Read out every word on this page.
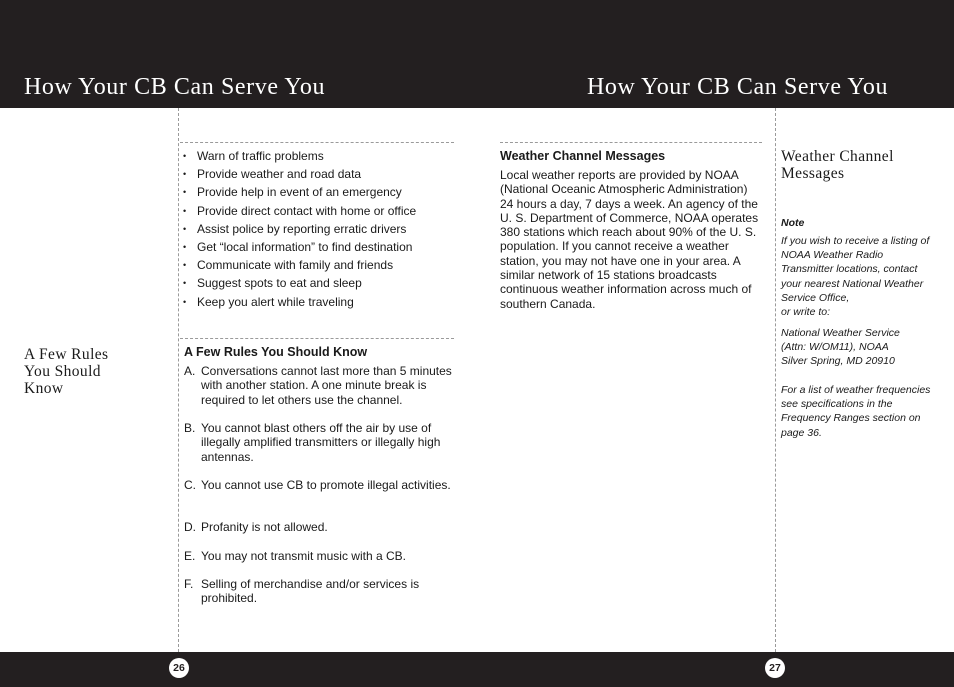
How Your CB Can Serve You	How Your CB Can Serve You
A Few Rules
You Should
Know
• Warn of traffic problems
• Provide weather and road data
• Provide help in event of an emergency
• Provide direct contact with home or office
• Assist police by reporting erratic drivers
• Get “local information” to find destination
• Communicate with family and friends
• Suggest spots to eat and sleep
• Keep you alert while traveling
A Few Rules You Should Know
A. Conversations cannot last more than 5 minutes with another station. A one minute break is required to let others use the channel.
B. You cannot blast others off the air by use of illegally amplified transmitters or illegally high antennas.
C. You cannot use CB to promote illegal activities.
D. Profanity is not allowed.
E. You may not transmit music with a CB.
F. Selling of merchandise and/or services is prohibited.
Weather Channel Messages

Local weather reports are provided by NOAA (National Oceanic Atmospheric Administration) 24 hours a day, 7 days a week. An agency of the U. S. Department of Commerce, NOAA operates 380 stations which reach about 90% of the U. S. population. If you cannot receive a weather station, you may not have one in your area. A similar network of 15 stations broadcasts continuous weather information across much of southern Canada.

Weather Channel
Messages

Note

If you wish to receive a listing of NOAA Weather Radio Transmitter locations, contact your nearest National Weather Service Office,
or write to:

National Weather Service
(Attn: W/OM11), NOAA
Silver Spring, MD 20910

For a list of weather frequencies see specifications in the Frequency Ranges section on page 36.

26	27
